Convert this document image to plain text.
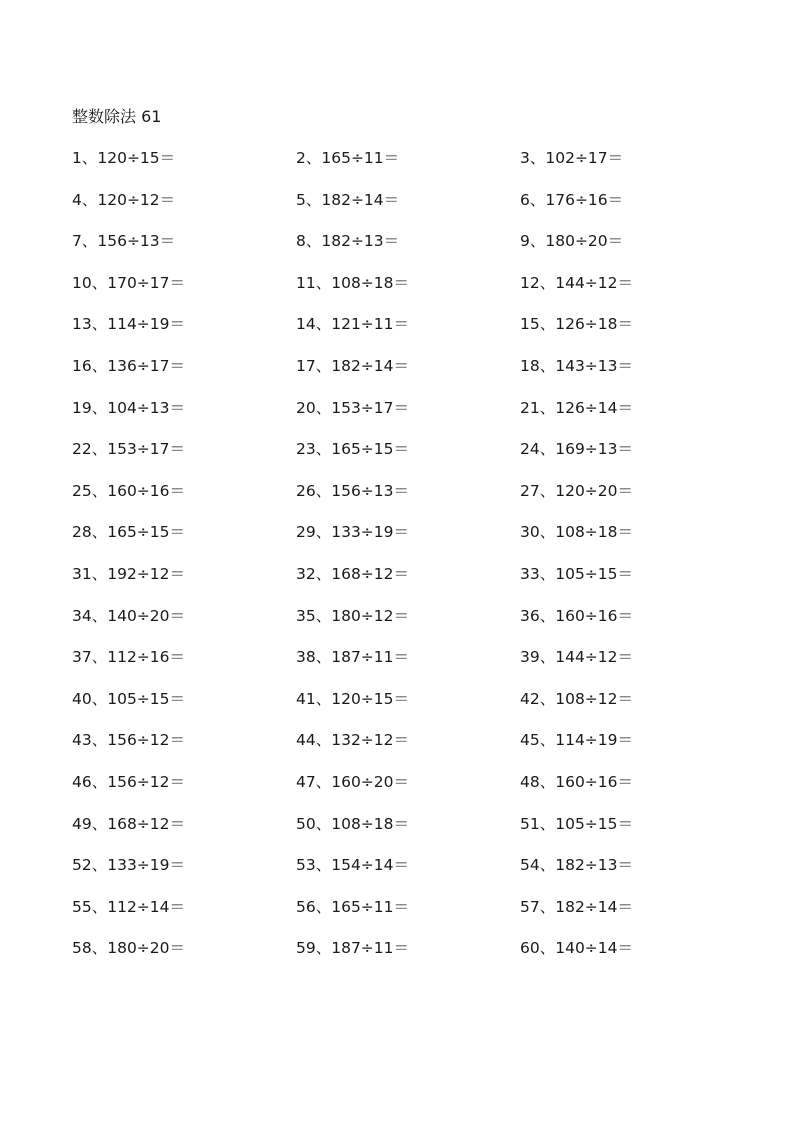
整数除法 61
1、120÷15＝	2、165÷11＝	3、102÷17＝
4、120÷12＝	5、182÷14＝	6、176÷16＝
7、156÷13＝	8、182÷13＝	9、180÷20＝
10、170÷17＝	11、108÷18＝	12、144÷12＝
13、114÷19＝	14、121÷11＝	15、126÷18＝
16、136÷17＝	17、182÷14＝	18、143÷13＝
19、104÷13＝	20、153÷17＝	21、126÷14＝
22、153÷17＝	23、165÷15＝	24、169÷13＝
25、160÷16＝	26、156÷13＝	27、120÷20＝
28、165÷15＝	29、133÷19＝	30、108÷18＝
31、192÷12＝	32、168÷12＝	33、105÷15＝
34、140÷20＝	35、180÷12＝	36、160÷16＝
37、112÷16＝	38、187÷11＝	39、144÷12＝
40、105÷15＝	41、120÷15＝	42、108÷12＝
43、156÷12＝	44、132÷12＝	45、114÷19＝
46、156÷12＝	47、160÷20＝	48、160÷16＝
49、168÷12＝	50、108÷18＝	51、105÷15＝
52、133÷19＝	53、154÷14＝	54、182÷13＝
55、112÷14＝	56、165÷11＝	57、182÷14＝
58、180÷20＝	59、187÷11＝	60、140÷14＝
